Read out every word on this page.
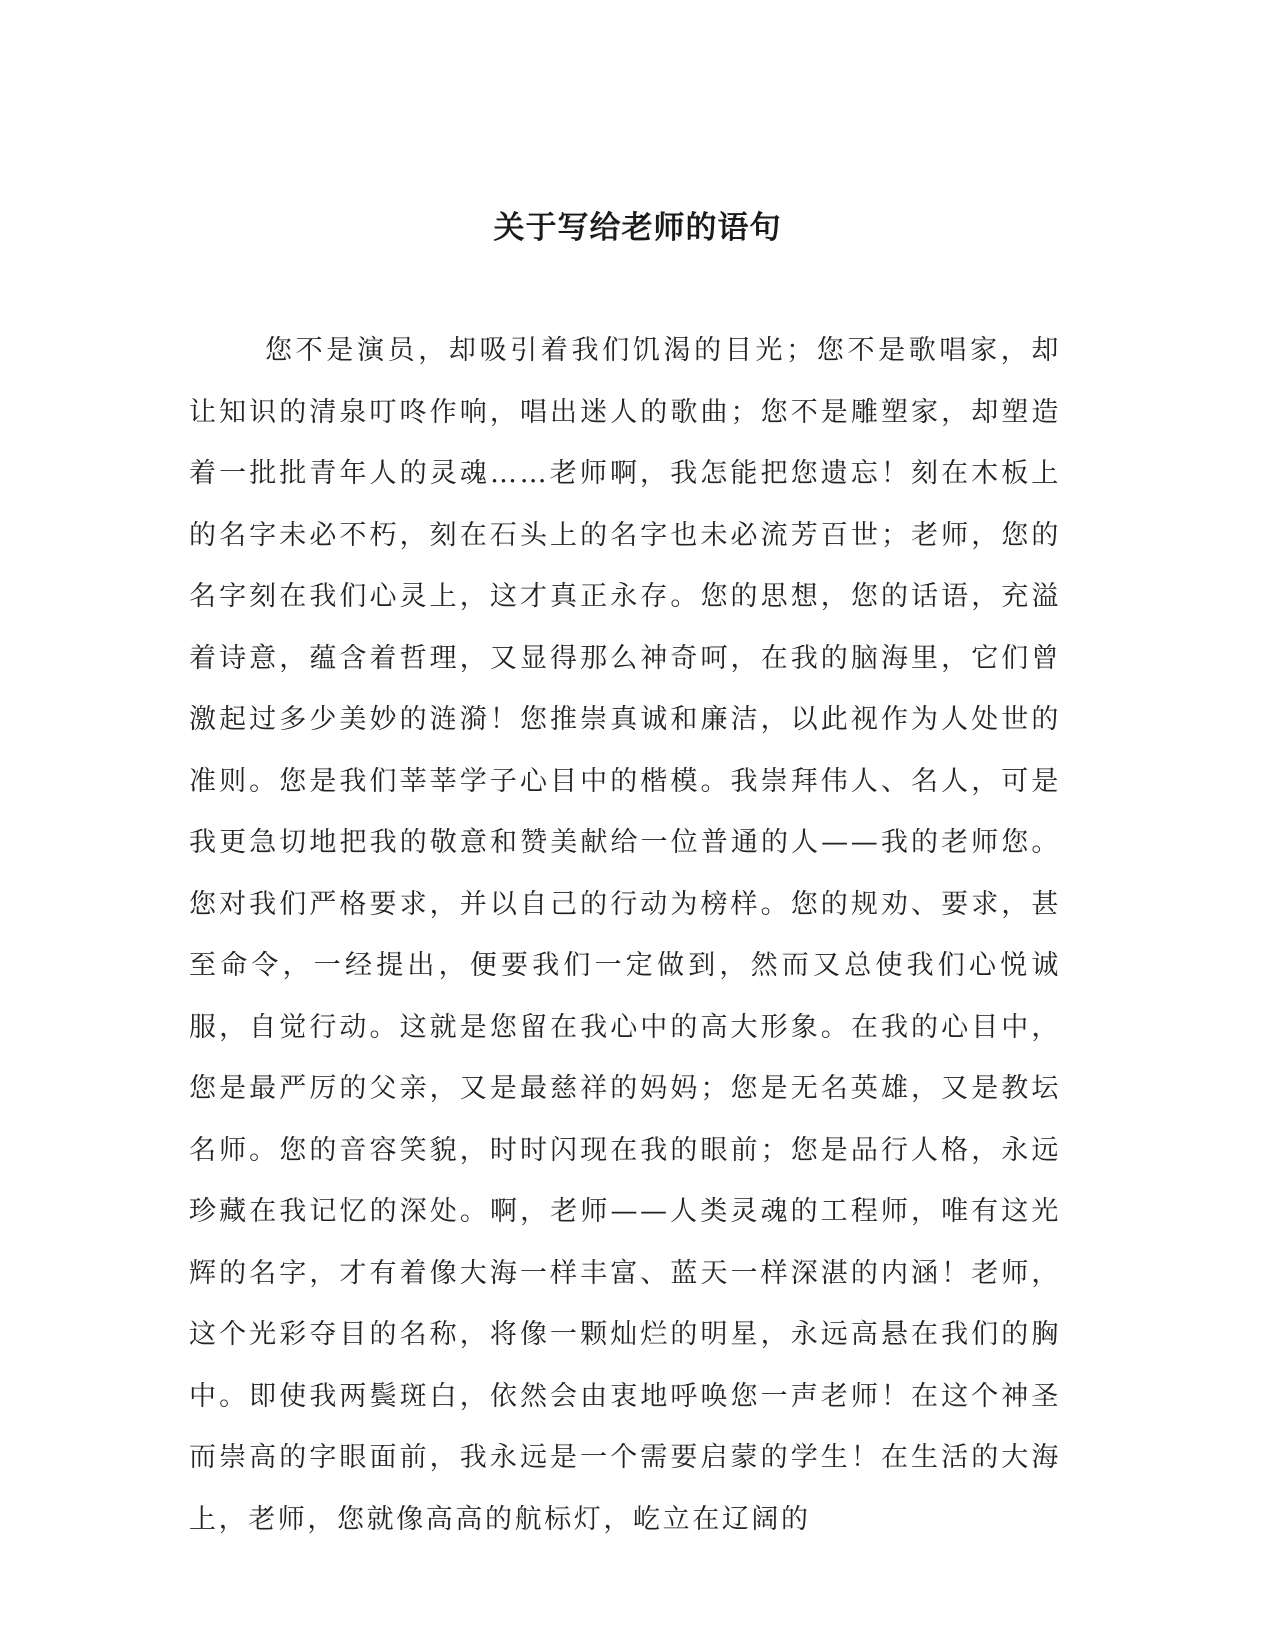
关于写给老师的语句

您不是演员，却吸引着我们饥渴的目光；您不是歌唱家，却让知识的清泉叮咚作响，唱出迷人的歌曲；您不是雕塑家，却塑造着一批批青年人的灵魂……老师啊，我怎能把您遗忘！刻在木板上的名字未必不朽，刻在石头上的名字也未必流芳百世；老师，您的名字刻在我们心灵上，这才真正永存。您的思想，您的话语，充溢着诗意，蕴含着哲理，又显得那么神奇呵，在我的脑海里，它们曾激起过多少美妙的涟漪！您推崇真诚和廉洁，以此视作为人处世的准则。您是我们莘莘学子心目中的楷模。我崇拜伟人、名人，可是我更急切地把我的敬意和赞美献给一位普通的人——我的老师您。您对我们严格要求，并以自己的行动为榜样。您的规劝、要求，甚至命令，一经提出，便要我们一定做到，然而又总使我们心悦诚服，自觉行动。这就是您留在我心中的高大形象。在我的心目中，您是最严厉的父亲，又是最慈祥的妈妈；您是无名英雄，又是教坛名师。您的音容笑貌，时时闪现在我的眼前；您是品行人格，永远珍藏在我记忆的深处。啊，老师——人类灵魂的工程师，唯有这光辉的名字，才有着像大海一样丰富、蓝天一样深湛的内涵！老师，这个光彩夺目的名称，将像一颗灿烂的明星，永远高悬在我们的胸中。即使我两鬓斑白，依然会由衷地呼唤您一声老师！在这个神圣而崇高的字眼面前，我永远是一个需要启蒙的学生！在生活的大海上，老师，您就像高高的航标灯，屹立在辽阔的
